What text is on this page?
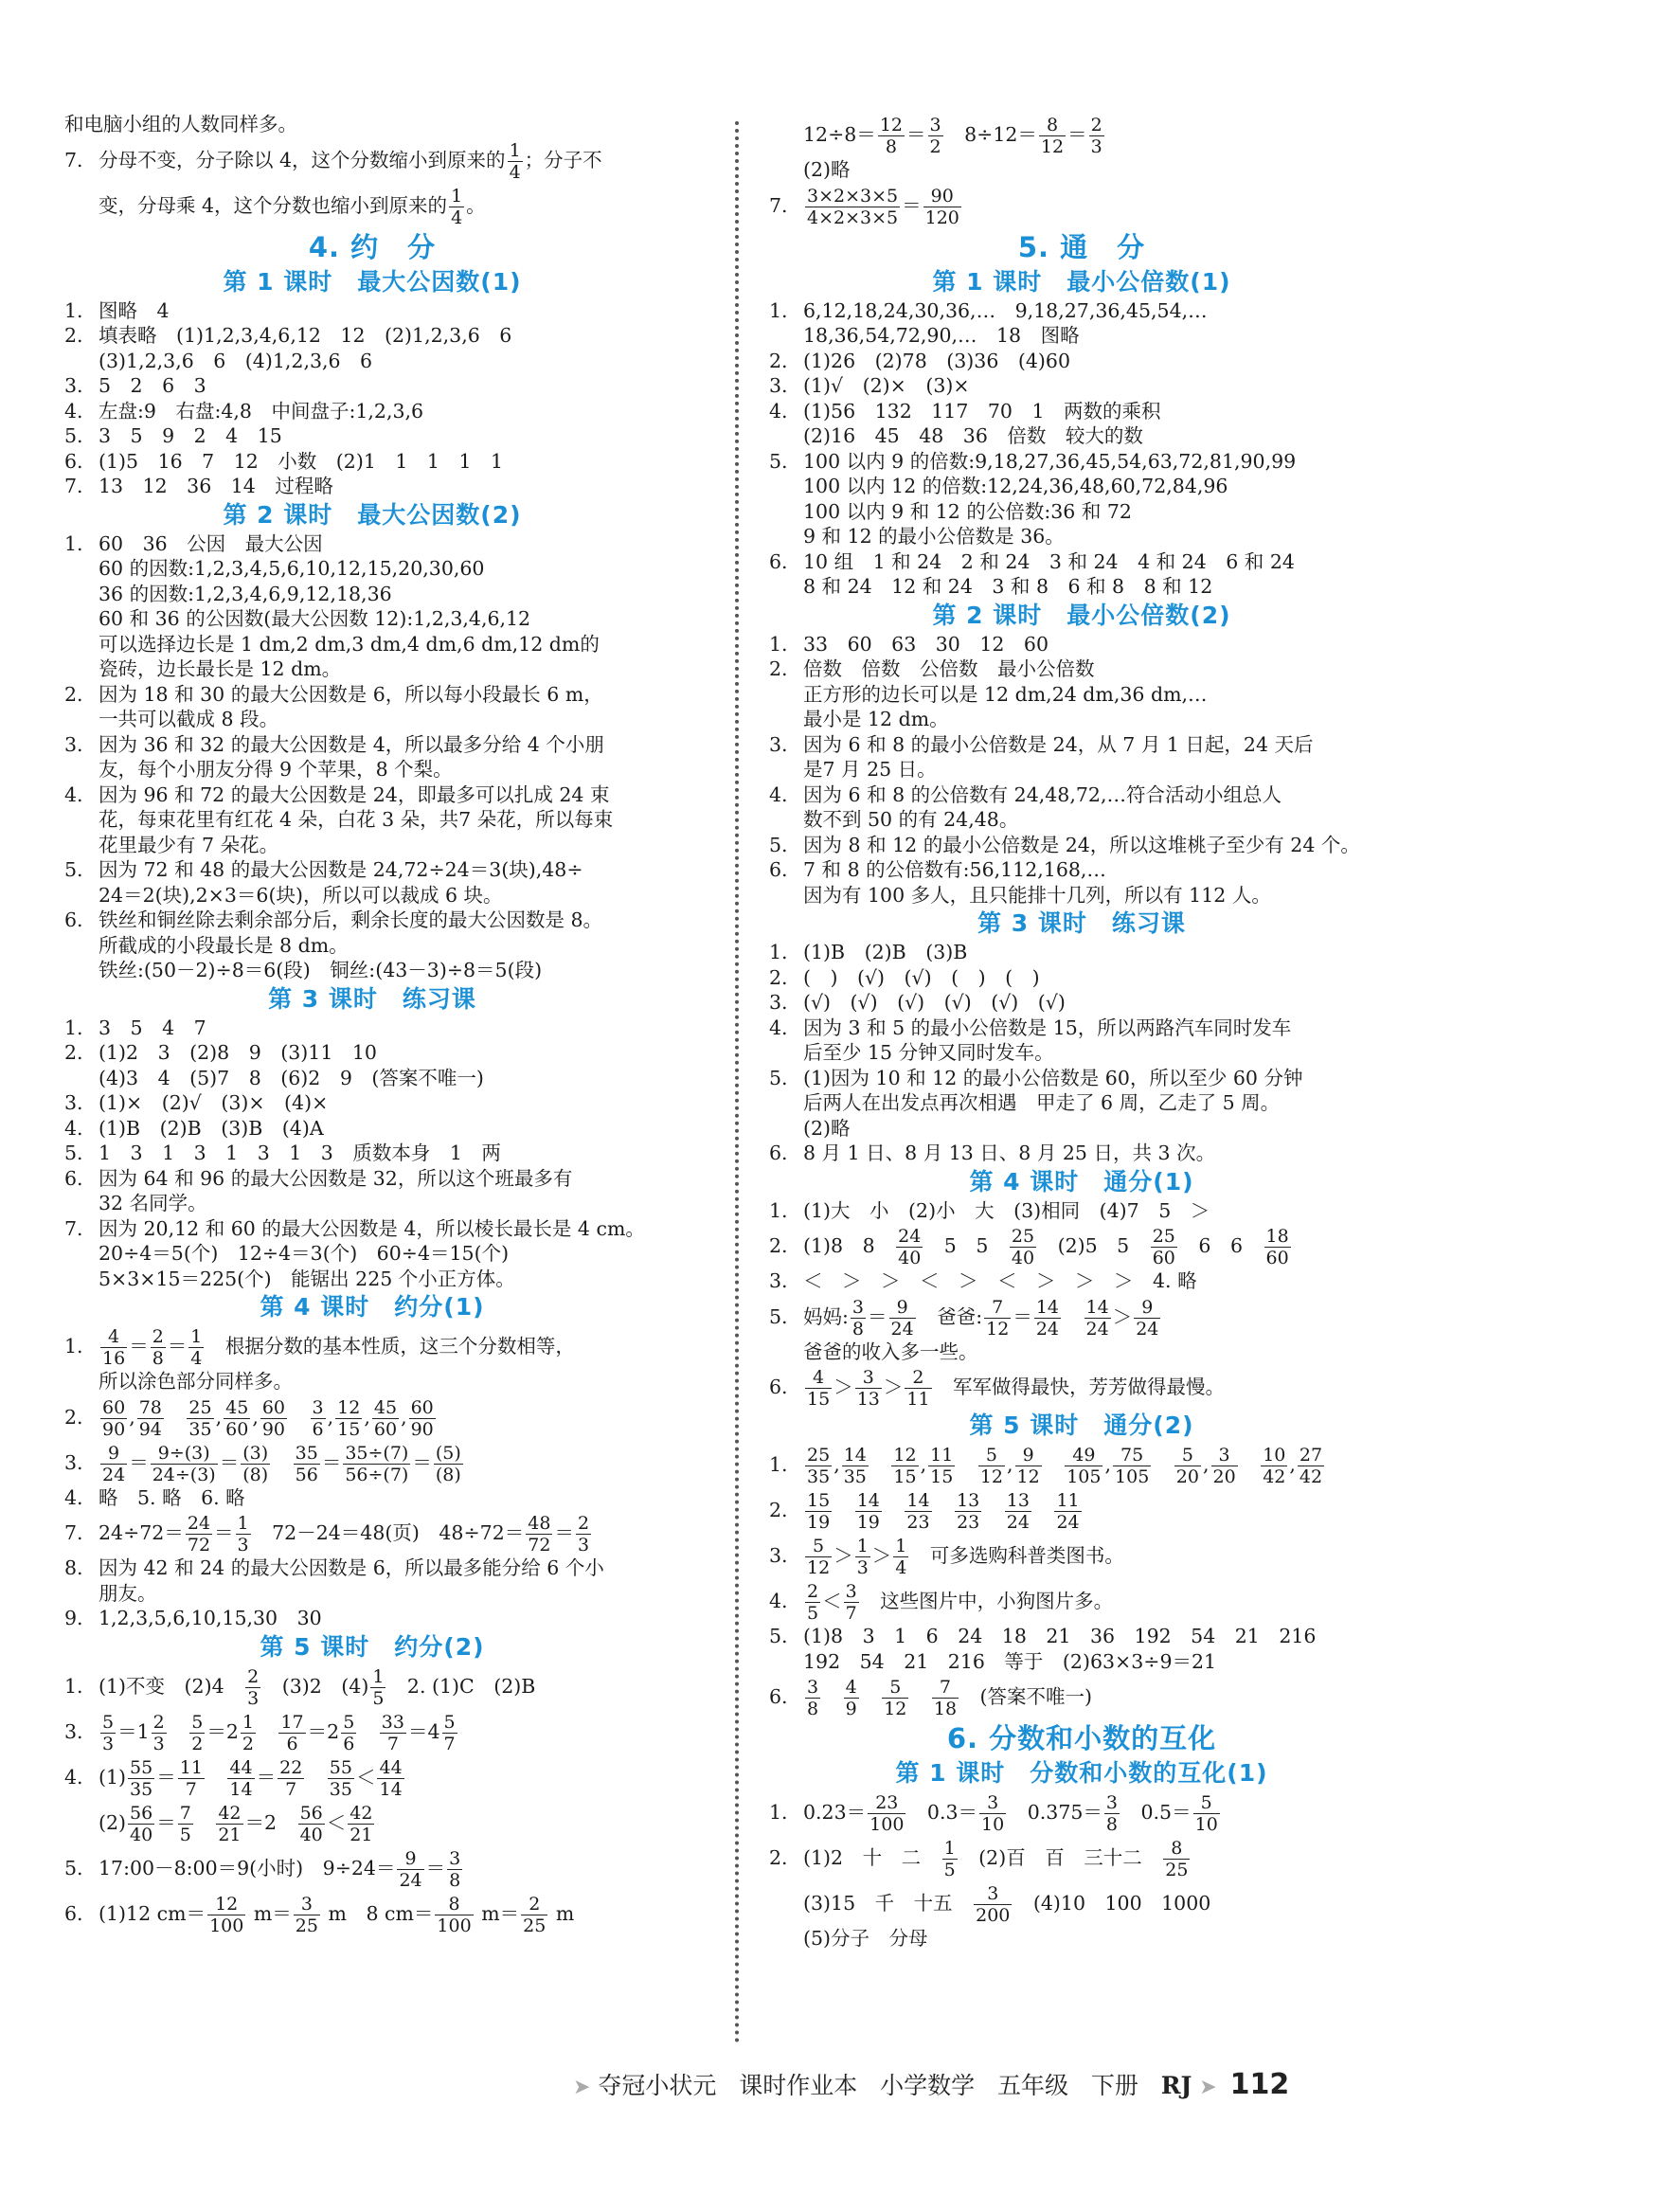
和电脑小组的人数同样多。
7. 分母不变，分子除以 4，这个分数缩小到原来的 $\frac{1}{4}$ ；分子不
变，分母乘 4，这个分数也缩小到原来的 $\frac{1}{4}$ 。
4. 约　分
第 1 课时　最大公因数(1)
1. 图略　4
2. 填表略　(1)1,2,3,4,6,12　12　(2)1,2,3,6　6
(3)1,2,3,6　6　(4)1,2,3,6　6
3. 5　2　6　3
4. 左盘:9　右盘:4,8　中间盘子:1,2,3,6
5. 3　5　9　2　4　15
6. (1)5　16　7　12　小数　(2)1　1　1　1　1
7. 13　12　36　14　过程略
第 2 课时　最大公因数(2)
1. 60　36　公因　最大公因
60 的因数:1,2,3,4,5,6,10,12,15,20,30,60
36 的因数:1,2,3,4,6,9,12,18,36
60 和 36 的公因数(最大公因数 12):1,2,3,4,6,12
可以选择边长是 1 dm,2 dm,3 dm,4 dm,6 dm,12 dm的
瓷砖，边长最长是 12 dm。
2. 因为 18 和 30 的最大公因数是 6，所以每小段最长 6 m，
一共可以截成 8 段。
3. 因为 36 和 32 的最大公因数是 4，所以最多分给 4 个小朋
友，每个小朋友分得 9 个苹果，8 个梨。
4. 因为 96 和 72 的最大公因数是 24，即最多可以扎成 24 束
花，每束花里有红花 4 朵，白花 3 朵，共7 朵花，所以每束
花里最少有 7 朵花。
5. 因为 72 和 48 的最大公因数是 24,72÷24＝3(块),48÷
24＝2(块),2×3＝6(块)，所以可以裁成 6 块。
6. 铁丝和铜丝除去剩余部分后，剩余长度的最大公因数是 8。
所截成的小段最长是 8 dm。
铁丝:(50－2)÷8＝6(段)　铜丝:(43－3)÷8＝5(段)
第 3 课时　练习课
1. 3　5　4　7
2. (1)2　3　(2)8　9　(3)11　10
(4)3　4　(5)7　8　(6)2　9　(答案不唯一)
3. (1)×　(2)√　(3)×　(4)×
4. (1)B　(2)B　(3)B　(4)A
5. 1　3　1　3　1　3　1　3　质数本身　1　两
6. 因为 64 和 96 的最大公因数是 32，所以这个班最多有
32 名同学。
7. 因为 20,12 和 60 的最大公因数是 4，所以棱长最长是 4 cm。
20÷4＝5(个)　12÷4＝3(个)　60÷4＝15(个)
5×3×15＝225(个)　能锯出 225 个小正方体。
第 4 课时　约分(1)
1. $\frac{4}{16} = \frac{2}{8} = \frac{1}{4}$ 　根据分数的基本性质，这三个分数相等，
所以涂色部分同样多。
2. $\frac{60}{90}$ , $\frac{78}{94}$
　 $\frac{25}{35}$ , $\frac{45}{60}$ , $\frac{60}{90}$
　 $\frac{3}{6}$ , $\frac{12}{15}$ , $\frac{45}{60}$ , $\frac{60}{90}$
3. $\frac{9}{24} = \frac{9\div(3)}{24\div(3)} = \frac{(3)}{(8)}$
　 $\frac{35}{56} = \frac{35\div(7)}{56\div(7)} = \frac{(5)}{(8)}$
4. 略　5. 略　6. 略
7. $24\div 72= \frac{24}{72} = \frac{1}{3}$ 　72－24＝48(页)　$48\div 72= \frac{48}{72} = \frac{2}{3}$
8. 因为 42 和 24 的最大公因数是 6，所以最多能分给 6 个小
朋友。
9. 1,2,3,5,6,10,15,30　30
第 5 课时　约分(2)
1. (1)不变　(2)4　 $\frac{2}{3}$ 　(3)2　$(4) \frac{1}{5}$ 　2. (1)C　(2)B
3. $\frac{5}{3} =1 \frac{2}{3}$
　 $\frac{5}{2} =2 \frac{1}{2}$
　 $\frac{17}{6} =2 \frac{5}{6}$
　 $\frac{33}{7} =4 \frac{5}{7}$
4. $(1) \frac{55}{35} = \frac{11}{7}$
　 $\frac{44}{14} = \frac{22}{7}$
　 $\frac{55}{35} < \frac{44}{14}$
$(2) \frac{56}{40} = \frac{7}{5}$
　 $\frac{42}{21} =2$　 $\frac{56}{40} < \frac{42}{21}$
5. 17:00－8:00＝9(小时)　$9\div 24= \frac{9}{24} = \frac{3}{8}$
6. (1)12 $cm= \frac{12}{100} m= \frac{3}{25}$ m　8 $cm= \frac{8}{100} m= \frac{2}{25}$ m
$12\div 8= \frac{12}{8} = \frac{3}{2}$ 　$8\div 12= \frac{8}{12} = \frac{2}{3}$
(2)略
7. $\frac{3\times 2\times 3\times 5}{4\times 2\times 3\times 5} = \frac{90}{120}$
5. 通　分
第 1 课时　最小公倍数(1)
1. 6,12,18,24,30,36,…　9,18,27,36,45,54,…
18,36,54,72,90,…　18　图略
2. (1)26　(2)78　(3)36　(4)60
3. (1)√　(2)×　(3)×
4. (1)56　132　117　70　1　两数的乘积
(2)16　45　48　36　倍数　较大的数
5. 100 以内 9 的倍数:9,18,27,36,45,54,63,72,81,90,99
100 以内 12 的倍数:12,24,36,48,60,72,84,96
100 以内 9 和 12 的公倍数:36 和 72
9 和 12 的最小公倍数是 36。
6. 10 组　1 和 24　2 和 24　3 和 24　4 和 24　6 和 24
8 和 24　12 和 24　3 和 8　6 和 8　8 和 12
第 2 课时　最小公倍数(2)
1. 33　60　63　30　12　60
2. 倍数　倍数　公倍数　最小公倍数
正方形的边长可以是 12 dm,24 dm,36 dm,…
最小是 12 dm。
3. 因为 6 和 8 的最小公倍数是 24，从 7 月 1 日起，24 天后
是7 月 25 日。
4. 因为 6 和 8 的公倍数有 24,48,72,…符合活动小组总人
数不到 50 的有 24,48。
5. 因为 8 和 12 的最小公倍数是 24，所以这堆桃子至少有 24 个。
6. 7 和 8 的公倍数有:56,112,168,…
因为有 100 多人，且只能排十几列，所以有 112 人。
第 3 课时　练习课
1. (1)B　(2)B　(3)B
2. (　)　(√)　(√)　(　)　(　)
3. (√)　(√)　(√)　(√)　(√)　(√)
4. 因为 3 和 5 的最小公倍数是 15，所以两路汽车同时发车
后至少 15 分钟又同时发车。
5. (1)因为 10 和 12 的最小公倍数是 60，所以至少 60 分钟
后两人在出发点再次相遇　甲走了 6 周，乙走了 5 周。
(2)略
6. 8 月 1 日、8 月 13 日、8 月 25 日，共 3 次。
第 4 课时　通分(1)
1. (1)大　小　(2)小　大　(3)相同　(4)7　5　＞
2. (1)8　8　 $\frac{24}{40}$ 　5　5　 $\frac{25}{40}$ 　(2)5　5　 $\frac{25}{60}$ 　6　6　 $\frac{18}{60}$
3. ＜　＞　＞　＜　＞　＜　＞　＞　＞　4. 略
5. 妈妈: $\frac{3}{8} = \frac{9}{24}$ 　爸爸: $\frac{7}{12} = \frac{14}{24}$
　 $\frac{14}{24} > \frac{9}{24}$
爸爸的收入多一些。
6. $\frac{4}{15} > \frac{3}{13} > \frac{2}{11}$ 　军军做得最快，芳芳做得最慢。
第 5 课时　通分(2)
1. $\frac{25}{35}$ , $\frac{14}{35}$
　 $\frac{12}{15}$ , $\frac{11}{15}$
　 $\frac{5}{12}$ , $\frac{9}{12}$
　 $\frac{49}{105}$ , $\frac{75}{105}$
　 $\frac{5}{20}$ , $\frac{3}{20}$
　 $\frac{10}{42}$ , $\frac{27}{42}$
2. $\frac{15}{19}$
　 $\frac{14}{19}$
　 $\frac{14}{23}$
　 $\frac{13}{23}$
　 $\frac{13}{24}$
　 $\frac{11}{24}$
3. $\frac{5}{12} > \frac{1}{3} > \frac{1}{4}$ 　可多选购科普类图书。
4. $\frac{2}{5} < \frac{3}{7}$ 　这些图片中，小狗图片多。
5. (1)8　3　1　6　24　18　21　36　192　54　21　216
192　54　21　216　等于　(2)63×3÷9＝21
6. $\frac{3}{8}$
　 $\frac{4}{9}$
　 $\frac{5}{12}$
　 $\frac{7}{18}$ 　(答案不唯一)
6. 分数和小数的互化
第 1 课时　分数和小数的互化(1)
1. $0.23= \frac{23}{100}$ 　$0.3= \frac{3}{10}$ 　$0.375= \frac{3}{8}$ 　$0.5= \frac{5}{10}$
2. (1)2　十　二　 $\frac{1}{5}$ 　(2)百　百　三十二　 $\frac{8}{25}$
(3)15　千　十五　 $\frac{3}{200}$ 　(4)10　100　1000
(5)分子　分母
➤ 夺冠小状元 课时作业本 小学数学 五年级 下册 RJ ➤ 112
